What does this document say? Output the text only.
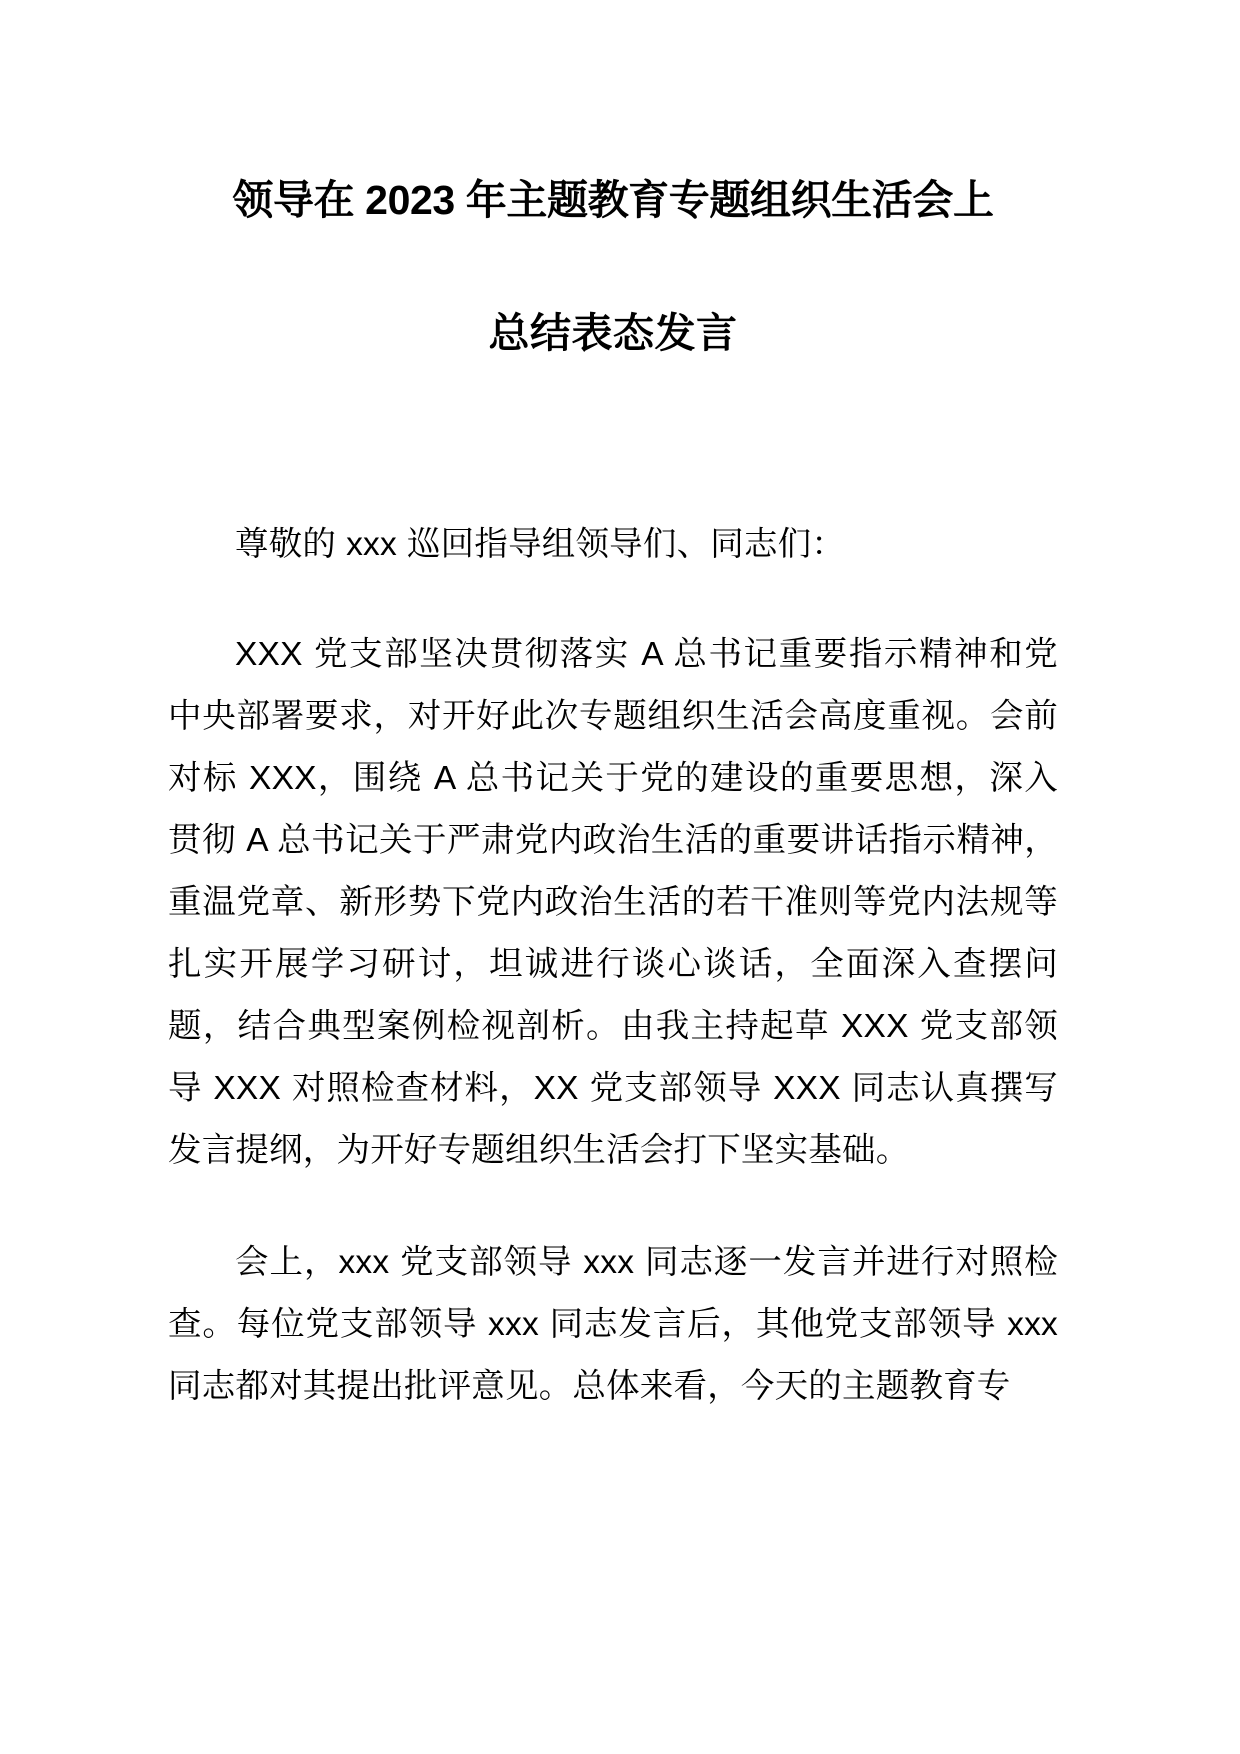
领导在 2023 年主题教育专题组织生活会上
总结表态发言

尊敬的 xxx 巡回指导组领导们、同志们：

XXX 党支部坚决贯彻落实 A 总书记重要指示精神和党中央部署要求，对开好此次专题组织生活会高度重视。会前对标 XXX，围绕 A 总书记关于党的建设的重要思想，深入贯彻 A 总书记关于严肃党内政治生活的重要讲话指示精神，重温党章、新形势下党内政治生活的若干准则等党内法规等扎实开展学习研讨，坦诚进行谈心谈话，全面深入查摆问题，结合典型案例检视剖析。由我主持起草 XXX 党支部领导 XXX 对照检查材料，XX 党支部领导 XXX 同志认真撰写发言提纲，为开好专题组织生活会打下坚实基础。

会上，xxx 党支部领导 xxx 同志逐一发言并进行对照检查。每位党支部领导 xxx 同志发言后，其他党支部领导 xxx 同志都对其提出批评意见。总体来看，今天的主题教育专
